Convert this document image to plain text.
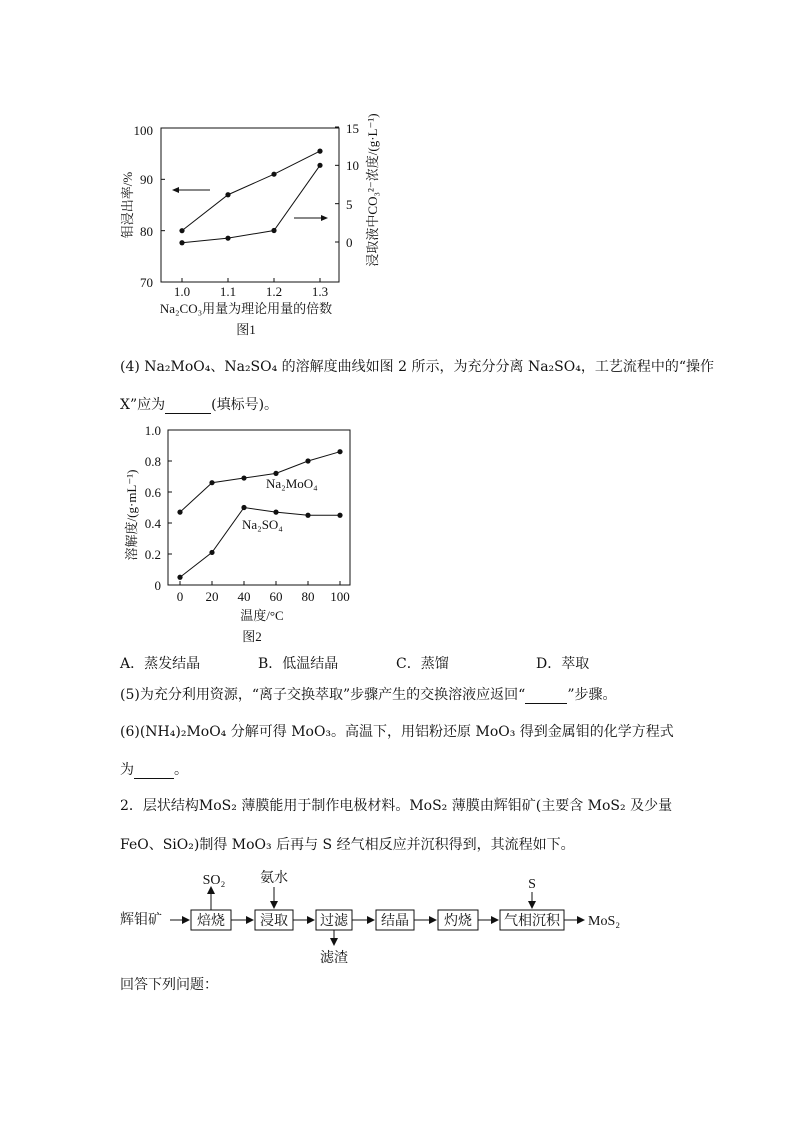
100
90
80
70
15
10
5
0
1.0 1.1 1.2 1.3
钼浸出率/%	浸取液中CO₃²⁻浓度/(g·L⁻¹)
Na₂CO₃用量为理论用量的倍数
图1
(4) Na₂MoO₄、Na₂SO₄ 的溶解度曲线如图 2 所示，为充分分离 Na₂SO₄，工艺流程中的“操作
X”应为	(填标号)。
1.0
0.8
0.6
0.4
0.2
0
0 20 40 60 80 100
溶解度/(g·mL⁻¹)
温度/°C
图2
Na₂MoO₄
Na₂SO₄
A．蒸发结晶	B．低温结晶	C．蒸馏	D．萃取
(5)为充分利用资源，“离子交换萃取”步骤产生的交换溶液应返回“	”步骤。
(6)(NH₄)₂MoO₄ 分解可得 MoO₃。高温下，用铝粉还原 MoO₃ 得到金属钼的化学方程式
为	。
2．层状结构MoS₂ 薄膜能用于制作电极材料。MoS₂ 薄膜由辉钼矿(主要含 MoS₂ 及少量
FeO、SiO₂)制得 MoO₃ 后再与 S 经气相反应并沉积得到，其流程如下。
辉钼矿	焙烧
SO₂
浸取
氨水
过滤
滤渣
结晶	灼烧 气相沉积
S
MoS₂
回答下列问题：
